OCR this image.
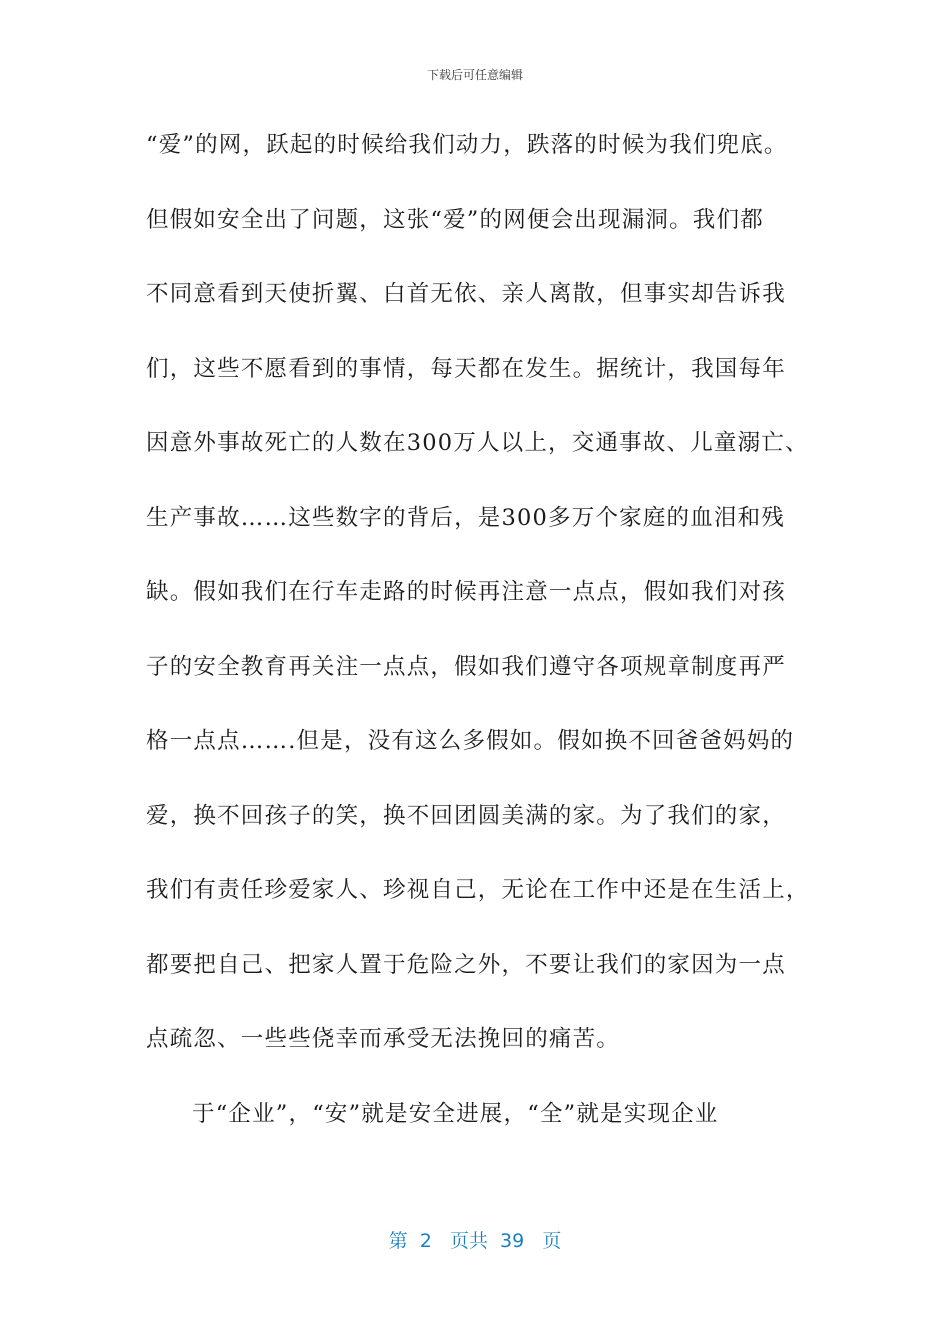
下载后可任意编辑
“爱”的网，跃起的时候给我们动力，跌落的时候为我们兜底。
但假如安全出了问题，这张“爱”的网便会出现漏洞。我们都
不同意看到天使折翼、白首无依、亲人离散，但事实却告诉我
们，这些不愿看到的事情，每天都在发生。据统计，我国每年
因意外事故死亡的人数在300万人以上，交通事故、儿童溺亡、
生产事故……这些数字的背后，是300多万个家庭的血泪和残
缺。假如我们在行车走路的时候再注意一点点，假如我们对孩
子的安全教育再关注一点点，假如我们遵守各项规章制度再严
格一点点…….但是，没有这么多假如。假如换不回爸爸妈妈的
爱，换不回孩子的笑，换不回团圆美满的家。为了我们的家，
我们有责任珍爱家人、珍视自己，无论在工作中还是在生活上，
都要把自己、把家人置于危险之外，不要让我们的家因为一点
点疏忽、一些些侥幸而承受无法挽回的痛苦。
于“企业”，“安”就是安全进展，“全”就是实现企业
第  2   页共  39   页
